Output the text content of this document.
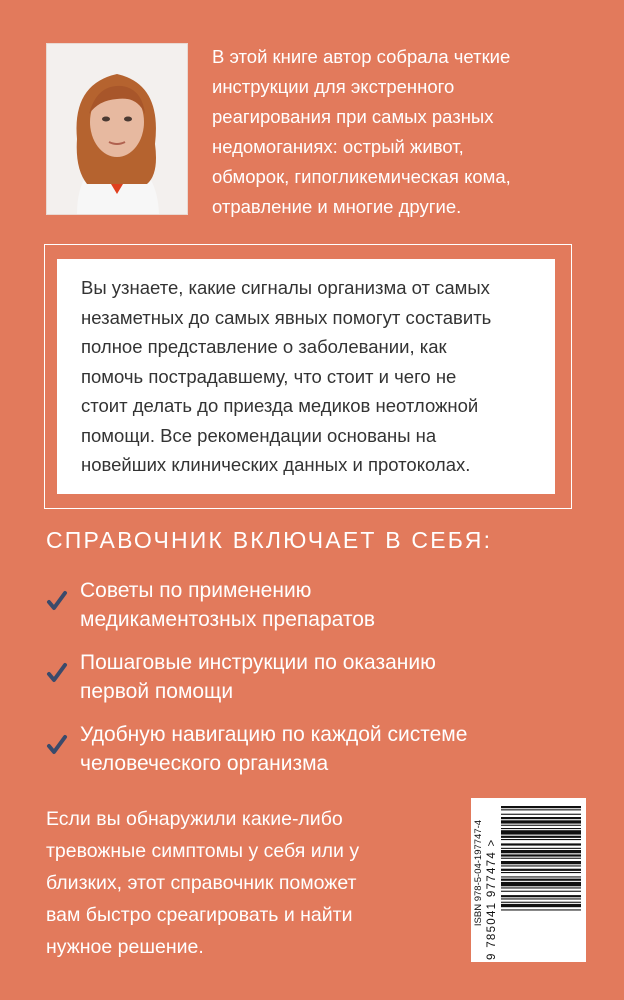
В этой книге автор собрала четкие
инструкции для экстренного
реагирования при самых разных
недомоганиях: острый живот,
обморок, гипогликемическая кома,
отравление и многие другие.
Вы узнаете, какие сигналы организма от самых
незаметных до самых явных помогут составить
полное представление о заболевании, как
помочь пострадавшему, что стоит и чего не
стоит делать до приезда медиков неотложной
помощи. Все рекомендации основаны на
новейших клинических данных и протоколах.
СПРАВОЧНИК ВКЛЮЧАЕТ В СЕБЯ:
Советы по применению
медикаментозных препаратов
Пошаговые инструкции по оказанию
первой помощи
Удобную навигацию по каждой системе
человеческого организма
Если вы обнаружили какие-либо
тревожные симптомы у себя или у
близких, этот справочник поможет
вам быстро среагировать и найти
нужное решение.
ISBN 978-5-04-197747-4 9 785041 977474 >
